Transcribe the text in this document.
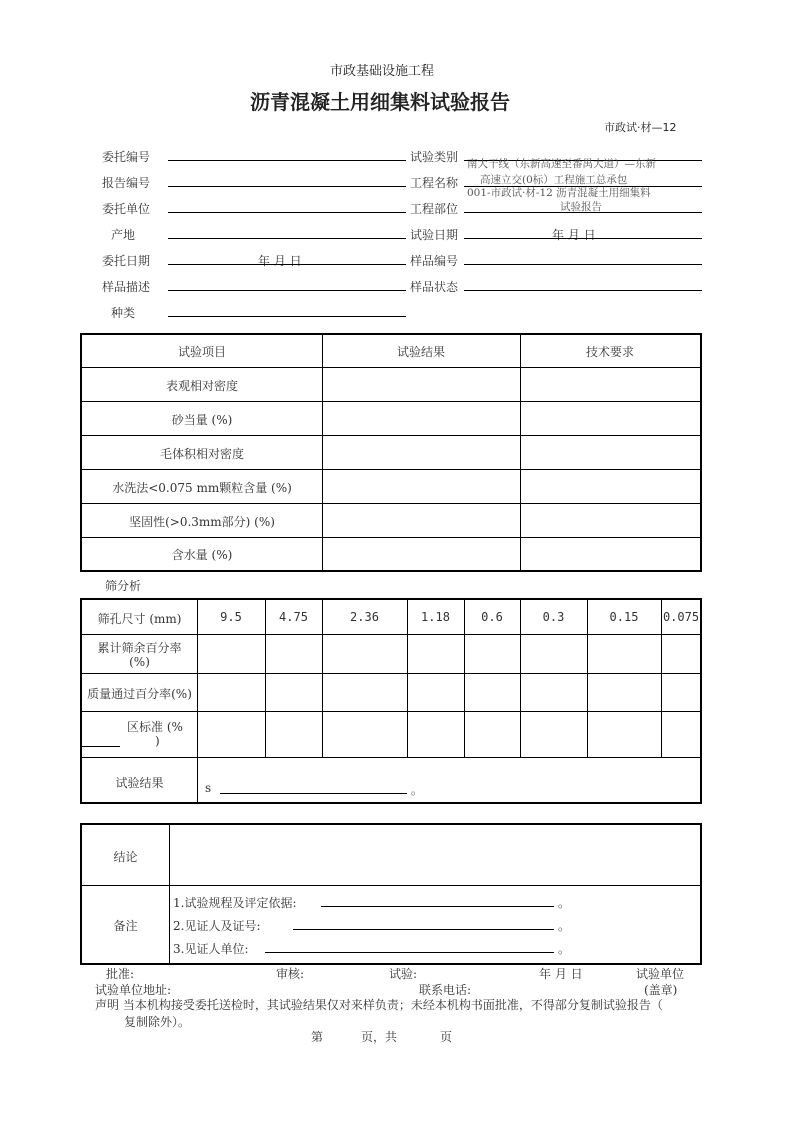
市政基础设施工程
沥青混凝土用细集料试验报告
市政试·材—12
委托编号
报告编号
委托单位
产地
委托日期	年 月 日
样品描述
种类
试验类别 南大干线（东新高速至番禺大道）—东新
工程名称 高速立交(0标）工程施工总承包
001-市政试·材-12 沥青混凝土用细集料
工程部位	试验报告
试验日期	年 月 日
样品编号
样品状态
试验项目	试验结果	技术要求
表观相对密度
砂当量 (%)
毛体积相对密度
水洗法<0.075 mm颗粒含量 (%)
坚固性(>0.3mm部分) (%)
含水量 (%)
筛分析
筛孔尺寸 (mm)	9.5	4.75	2.36	1.18	0.6	0.3	0.15	0.075
累计筛余百分率
(%)
质量通过百分率(%)
区标准 (%
)
试验结果	s	。
结论
备注
1.试验规程及评定依据:	。
2.见证人及证号:	。
3.见证人单位:	。
批准:	审核:	试验:	年 月 日	试验单位
试验单位地址:	联系电话:	(盖章)
声明 当本机构接受委托送检时，其试验结果仅对来样负责；未经本机构书面批准，不得部分复制试验报告（
复制除外）。
第	页，共	页
